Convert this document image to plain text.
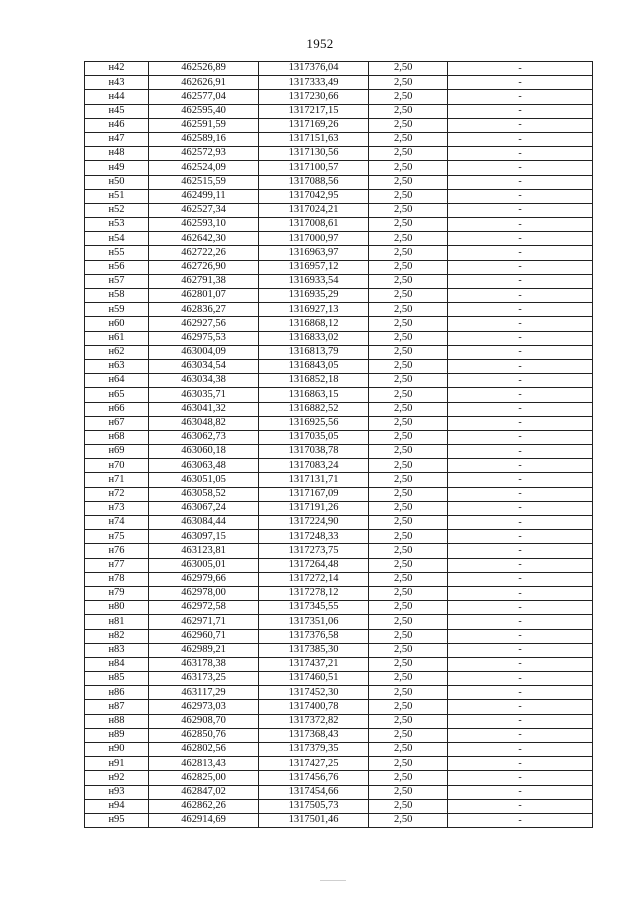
1952
н42	462526,89	1317376,04	2,50	-
н43	462626,91	1317333,49	2,50	-
н44	462577,04	1317230,66	2,50	-
н45	462595,40	1317217,15	2,50	-
н46	462591,59	1317169,26	2,50	-
н47	462589,16	1317151,63	2,50	-
н48	462572,93	1317130,56	2,50	-
н49	462524,09	1317100,57	2,50	-
н50	462515,59	1317088,56	2,50	-
н51	462499,11	1317042,95	2,50	-
н52	462527,34	1317024,21	2,50	-
н53	462593,10	1317008,61	2,50	-
н54	462642,30	1317000,97	2,50	-
н55	462722,26	1316963,97	2,50	-
н56	462726,90	1316957,12	2,50	-
н57	462791,38	1316933,54	2,50	-
н58	462801,07	1316935,29	2,50	-
н59	462836,27	1316927,13	2,50	-
н60	462927,56	1316868,12	2,50	-
н61	462975,53	1316833,02	2,50	-
н62	463004,09	1316813,79	2,50	-
н63	463034,54	1316843,05	2,50	-
н64	463034,38	1316852,18	2,50	-
н65	463035,71	1316863,15	2,50	-
н66	463041,32	1316882,52	2,50	-
н67	463048,82	1316925,56	2,50	-
н68	463062,73	1317035,05	2,50	-
н69	463060,18	1317038,78	2,50	-
н70	463063,48	1317083,24	2,50	-
н71	463051,05	1317131,71	2,50	-
н72	463058,52	1317167,09	2,50	-
н73	463067,24	1317191,26	2,50	-
н74	463084,44	1317224,90	2,50	-
н75	463097,15	1317248,33	2,50	-
н76	463123,81	1317273,75	2,50	-
н77	463005,01	1317264,48	2,50	-
н78	462979,66	1317272,14	2,50	-
н79	462978,00	1317278,12	2,50	-
н80	462972,58	1317345,55	2,50	-
н81	462971,71	1317351,06	2,50	-
н82	462960,71	1317376,58	2,50	-
н83	462989,21	1317385,30	2,50	-
н84	463178,38	1317437,21	2,50	-
н85	463173,25	1317460,51	2,50	-
н86	463117,29	1317452,30	2,50	-
н87	462973,03	1317400,78	2,50	-
н88	462908,70	1317372,82	2,50	-
н89	462850,76	1317368,43	2,50	-
н90	462802,56	1317379,35	2,50	-
н91	462813,43	1317427,25	2,50	-
н92	462825,00	1317456,76	2,50	-
н93	462847,02	1317454,66	2,50	-
н94	462862,26	1317505,73	2,50	-
н95	462914,69	1317501,46	2,50	-
